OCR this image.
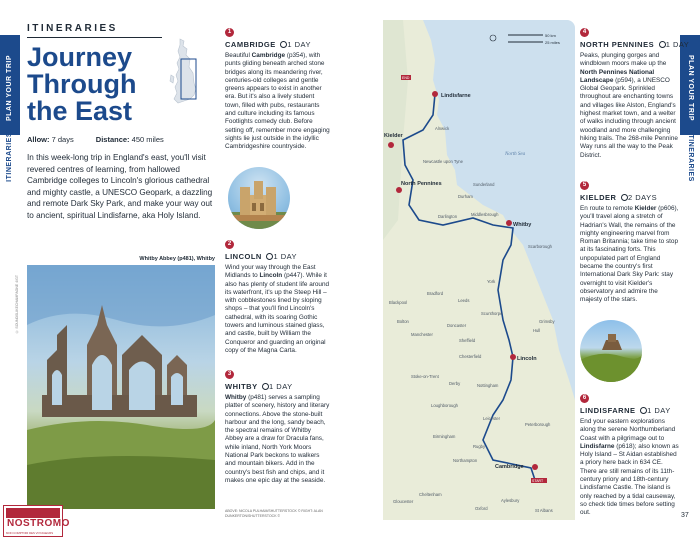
PLAN YOUR TRIP
ITINERARIES
PLAN YOUR TRIP
ITINERARIES
ITINERARIES
Journey Through the East
Allow: 7 days	Distance: 450 miles
In this week-long trip in England's east, you'll visit revered centres of learning, from hallowed Cambridge colleges to Lincoln's glorious cathedral and mighty castle, a UNESCO Geopark, a dazzling and remote Dark Sky Park, and make your way out to ancient, spiritual Lindisfarne, aka Holy Island.
Whitby Abbey (p481), Whitby
© SOUNDSLIKECHAMPAGNE 4/GT
NOSTROMO
MON COMPTOIR DES VOYAGEURS
1
CAMBRIDGE 1 DAY
Beautiful Cambridge (p354), with punts gliding beneath arched stone bridges along its meandering river, centuries-old colleges and gentle greens appears to exist in another era. But it's also a lively student town, filled with pubs, restaurants and culture including its famous Footlights comedy club. Before setting off, remember more engaging sights lie just outside in the idyllic Cambridgeshire countryside.
2
LINCOLN 1 DAY
Wind your way through the East Midlands to Lincoln (p447). While it also has plenty of student life around its waterfront, it's up the Steep Hill – with cobblestones lined by sloping shops – that you'll find Lincoln's cathedral, with its soaring Gothic towers and luminous stained glass, and castle, built by William the Conqueror and guarding an original copy of the Magna Carta.
3
WHITBY 1 DAY
Whitby (p481) serves a sampling platter of scenery, history and literary connections. Above the stone-built harbour and the long, sandy beach, the spectral remains of Whitby Abbey are a draw for Dracula fans, while inland, North York Moors National Park beckons to walkers and mountain bikers. Add in the country's best fish and chips, and it makes one epic day at the seaside.
ABOVE: NICOLA PULHAM/SHUTTERSTOCK © RIGHT: ALAN DUNKERTON/SHUTTERSTOCK ©
50 km
25 miles
North Sea
Lindisfarne
END
Kielder
North Pennines
Whitby
Lincoln
Cambridge
START
Alnwick
Newcastle upon Tyne
Sunderland
Durham
Darlington	Middlesbrough
Scarborough
York
Hull
Leeds
Bradford
Blackpool
Bolton
Manchester
Sheffield
Scunthorpe
Doncaster
Grimsby
Chesterfield
Stoke-on-Trent
Derby	Nottingham
Loughborough
Leicester
Peterborough
Birmingham
Rugby
Northampton
Gloucester
Cheltenham
Oxford
Aylesbury
St Albans
4
NORTH PENNINES 1 DAY
Peaks, plunging gorges and windblown moors make up the North Pennines National Landscape (p594), a UNESCO Global Geopark. Sprinkled throughout are enchanting towns and villages like Alston, England's highest market town, and a welter of walks including through ancient woodland and more challenging hiking trails. The 268-mile Pennine Way runs all the way to the Peak District.
5
KIELDER 2 DAYS
En route to remote Kielder (p606), you'll travel along a stretch of Hadrian's Wall, the remains of the mighty engineering marvel from Roman Britannia; take time to stop at its fascinating forts. This unpopulated part of England became the country's first International Dark Sky Park: stay overnight to visit Kielder's observatory and admire the majesty of the stars.
6
LINDISFARNE 1 DAY
End your eastern explorations along the serene Northumberland Coast with a pilgrimage out to Lindisfarne (p618); also known as Holy Island – St Aidan established a priory here back in 634 CE. There are still remains of its 11th-century priory and 18th-century Lindisfarne Castle. The island is only reached by a tidal causeway, so check tide times before setting out.	37
